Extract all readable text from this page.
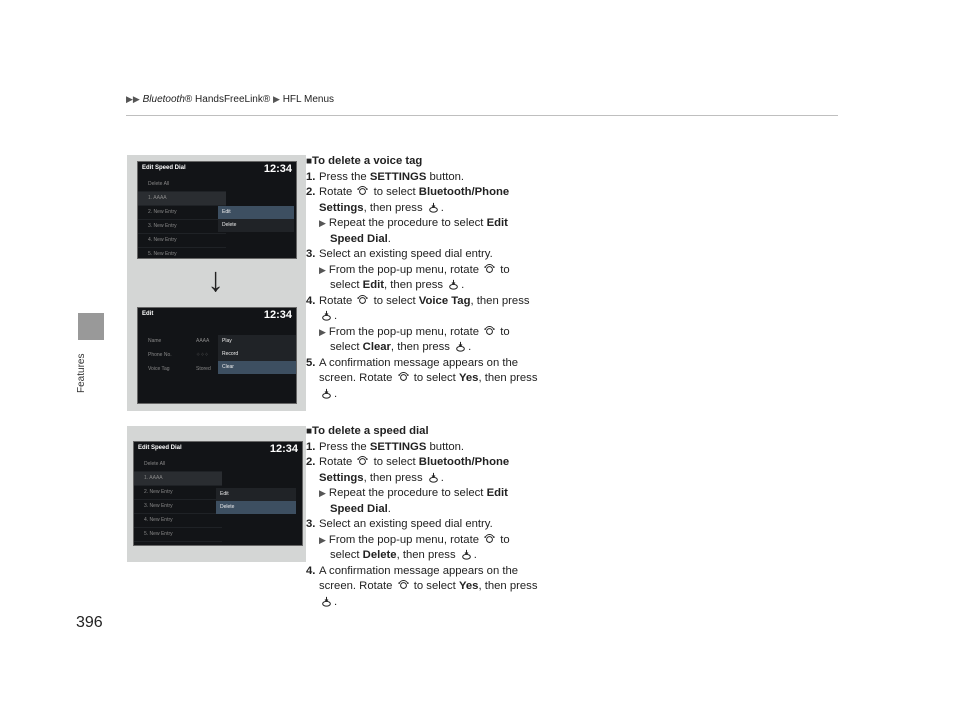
▶▶ Bluetooth® HandsFreeLink® ▶ HFL Menus
Features
396
Edit Speed Dial	12:34
Delete All
1. AAAA
2. New Entry
3. New Entry
4. New Entry
5. New Entry
Edit
Delete
↓
Edit	12:34
Name	AAAA
Phone No.	⁘⁘⁘
Voice Tag	Stored
Play
Record
Clear
Edit Speed Dial	12:34
Delete All
1. AAAA
2. New Entry
3. New Entry
4. New Entry
5. New Entry
Edit
Delete
■To delete a voice tag
1. Press the SETTINGS button.
2. Rotate  to select Bluetooth/Phone
Settings, then press .
▶ Repeat the procedure to select Edit
Speed Dial.
3. Select an existing speed dial entry.
▶ From the pop-up menu, rotate  to
select Edit, then press .
4. Rotate  to select Voice Tag, then press
.
▶ From the pop-up menu, rotate  to
select Clear, then press .
5. A confirmation message appears on the
screen. Rotate  to select Yes, then press
.
■To delete a speed dial
1. Press the SETTINGS button.
2. Rotate  to select Bluetooth/Phone
Settings, then press .
▶ Repeat the procedure to select Edit
Speed Dial.
3. Select an existing speed dial entry.
▶ From the pop-up menu, rotate  to
select Delete, then press .
4. A confirmation message appears on the
screen. Rotate  to select Yes, then press
.
